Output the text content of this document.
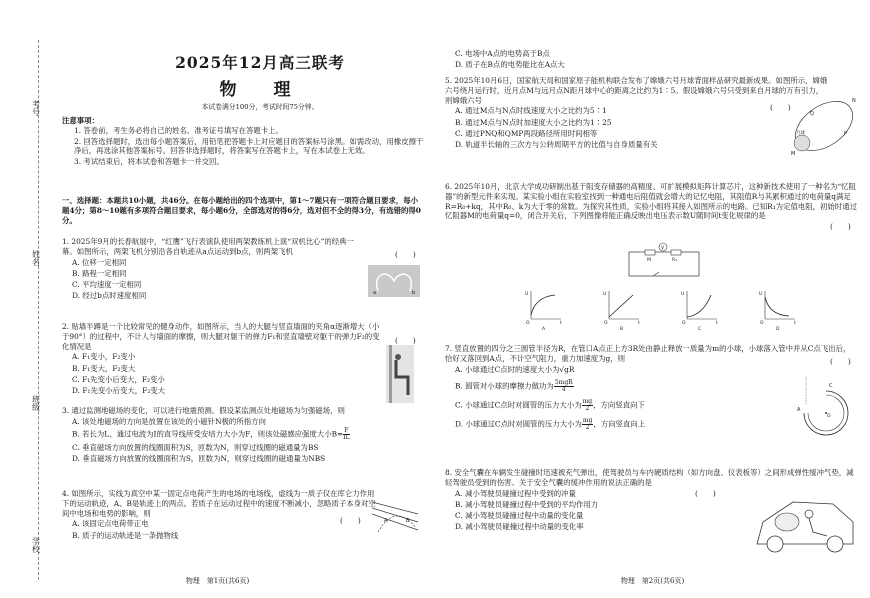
考号
姓名
班级
学校
2025年12月高三联考
物　理
本试卷满分100分，考试时间75分钟。
注意事项：
1. 答卷前，考生务必将自己的姓名、准考证号填写在答题卡上。
2. 回答选择题时，选出每小题答案后，用铅笔把答题卡上对应题目的答案标号涂黑。如需改动，用橡皮擦干净后，再选涂其他答案标号。回答非选择题时，将答案写在答题卡上，写在本试卷上无效。
3. 考试结束后，将本试卷和答题卡一并交回。
一、选择题：本题共10小题，共46分。在每小题给出的四个选项中，第1～7题只有一项符合题目要求，每小题4分；第8～10题有多项符合题目要求，每小题6分，全部选对的得6分，选对但不全的得3分，有选错的得0分。
1. 2025年9月的长春航展中，“红鹰”飞行表演队使用两架教练机上演“双机比心”的经典一幕。如图所示，两架飞机分别沿各自轨迹从a点运动到b点，则两架飞机
A. 位移一定相同
B. 路程一定相同
C. 平均速度一定相同
D. 经过b点时速度相同
(　　)
a	b
2. 贴墙半蹲是一个比较常见的健身动作，如图所示，当人的大腿与竖直墙面的夹角α逐渐增大（小于90°）的过程中，不计人与墙面的摩擦，则大腿对躯干的弹力F₁和竖直墙壁对躯干的弹力F₂的变化情况是
A. F₁变小，F₂变小
B. F₁变大，F₂变大
C. F₁先变小后变大，F₂变小
D. F₁先变小后变大，F₂变大
(　　)
3. 通过监测地磁场的变化，可以进行地震预测。假设某监测点处地磁场为匀强磁场，则
A. 该处地磁场的方向是放置在该处的小磁针N极的所指方向
B. 若长为L、通过电流为I的直导线所受安培力大小为F，则该处磁感应强度大小$B= \frac{F}{IL}$
C. 垂直磁场方向放置的线圈面积为S，匝数为N，则穿过线圈的磁通量为BS
D. 垂直磁场方向放置的线圈面积为S，匝数为N，则穿过线圈的磁通量为NBS
4. 如图所示，实线为真空中某一固定点电荷产生的电场的电场线，虚线为一质子仅在库仑力作用下的运动轨迹，A、B是轨迹上的两点。若质子在运动过程中的速度不断减小，忽略质子本身对空间中电场和电势的影响，则
A. 该固定点电荷带正电
B. 质子的运动轨迹是一条抛物线
(　　)	A	B
物理　第1页(共6页)
C. 电场中A点的电势高于B点
D. 质子在B点的电势能比在A点大
5. 2025年10月6日，国家航天局和国家原子能机构联合发布了嫦娥六号月球背面样品研究最新成果。如图所示，嫦娥六号绕月运行时，近月点M与远月点N距月球中心的距离之比约为1∶5。假设嫦娥六号只受到来自月球的万有引力，则嫦娥六号
A. 通过M点与N点时线速度大小之比约为5∶1
B. 通过M点与N点时加速度大小之比约为1∶25
C. 通过PNQ和QMP两段路径所用时间相等
D. 轨道半长轴的三次方与公转周期平方的比值与自身质量有关
(　　)
月球
M
N
P
Q
6. 2025年10月，北京大学成功研制出基于阻变存储器的高精度、可扩展模拟矩阵计算芯片，这种新技术使用了一种名为“忆阻器”的新型元件来实现。某实验小组在实验室找到一种通电后阻值就会增大的记忆电阻，其阻值R与其累积通过的电荷量q满足R=R₀+kq，其中R₀、k为大于零的常数。为探究其性质，实验小组将其接入如图所示的电路。已知R₁为定值电阻，初始时通过忆阻器M的电荷量q=0，闭合开关后，下列图像将能正确反映出电压表示数U随时间t变化规律的是
(　　)
V
M	R₁
U
O	t
A
U
O	t
B
U
O	t
C
U
O	t
D
7. 竖直放置的四分之三圆管半径为R，在管口A点正上方3R处由静止释放一质量为m的小球，小球落入管中并从C点飞出后，恰好又落回到A点，不计空气阻力，重力加速度为g，则
A. 小球通过C点时的速度大小为√gR
B. 圆管对小球的摩擦力做功为 $\frac{\text{5mgR}}{4}$
C. 小球通过C点时对圆管的压力大小为 $\frac{mg}{2}$ ，方向竖直向下
D. 小球通过C点时对圆管的压力大小为 $\frac{mg}{2}$ ，方向竖直向上
(　　)
O
A
C
8. 安全气囊在车辆发生碰撞时迅速被充气弹出，使驾驶员与车内硬质结构（如方向盘、仪表板等）之间形成弹性缓冲气垫，减轻驾驶员受到的伤害。关于安全气囊的缓冲作用的说法正确的是
A. 减小驾驶员碰撞过程中受到的冲量
B. 减小驾驶员碰撞过程中受到的平均作用力
C. 减小驾驶员碰撞过程中动量的变化量
D. 减小驾驶员碰撞过程中动量的变化率
(　　)
物理　第2页(共6页)
